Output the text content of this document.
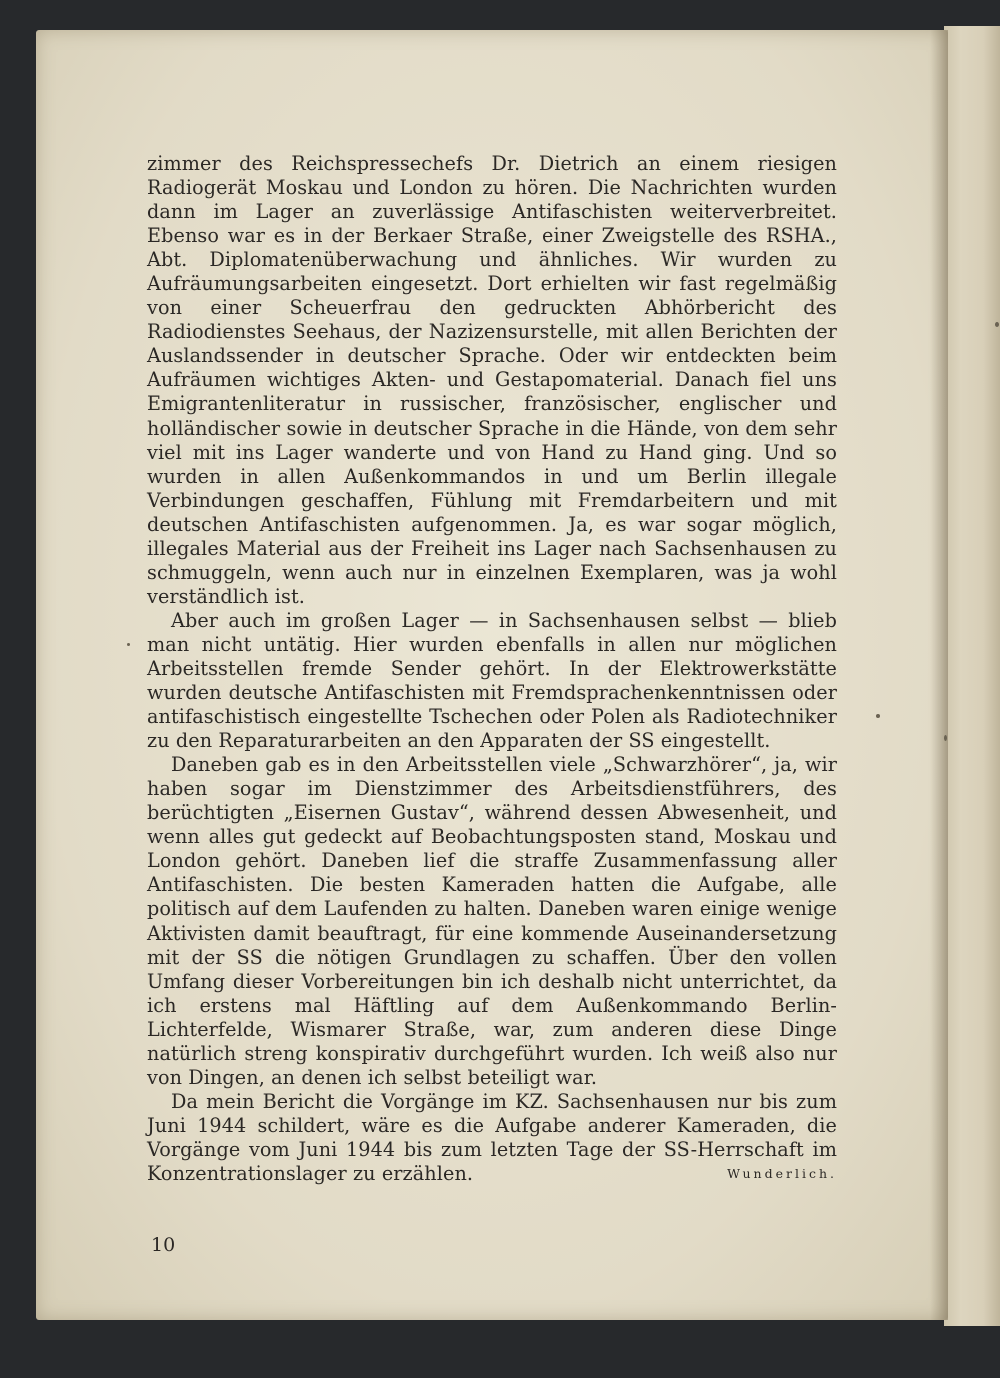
zimmer des Reichspressechefs Dr. Dietrich an einem riesigen Radiogerät Moskau und London zu hören. Die Nachrichten wurden dann im Lager an zuverlässige Antifaschisten weiterverbreitet. Ebenso war es in der Berkaer Straße, einer Zweigstelle des RSHA., Abt. Diplomatenüberwachung und ähnliches. Wir wurden zu Aufräumungsarbeiten eingesetzt. Dort erhielten wir fast regelmäßig von einer Scheuerfrau den gedruckten Abhörbericht des Radiodienstes Seehaus, der Nazizensurstelle, mit allen Berichten der Auslandssender in deutscher Sprache. Oder wir entdeckten beim Aufräumen wichtiges Akten- und Gestapomaterial. Danach fiel uns Emigrantenliteratur in russischer, französischer, englischer und holländischer sowie in deutscher Sprache in die Hände, von dem sehr viel mit ins Lager wanderte und von Hand zu Hand ging. Und so wurden in allen Außenkommandos in und um Berlin illegale Verbindungen geschaffen, Fühlung mit Fremdarbeitern und mit deutschen Antifaschisten aufgenommen. Ja, es war sogar möglich, illegales Material aus der Freiheit ins Lager nach Sachsenhausen zu schmuggeln, wenn auch nur in einzelnen Exemplaren, was ja wohl verständlich ist.

Aber auch im großen Lager — in Sachsenhausen selbst — blieb man nicht untätig. Hier wurden ebenfalls in allen nur möglichen Arbeitsstellen fremde Sender gehört. In der Elektrowerkstätte wurden deutsche Antifaschisten mit Fremdsprachenkenntnissen oder antifaschistisch eingestellte Tschechen oder Polen als Radiotechniker zu den Reparaturarbeiten an den Apparaten der SS eingestellt.

Daneben gab es in den Arbeitsstellen viele „Schwarzhörer“, ja, wir haben sogar im Dienstzimmer des Arbeitsdienstführers, des berüchtigten „Eisernen Gustav“, während dessen Abwesenheit, und wenn alles gut gedeckt auf Beobachtungsposten stand, Moskau und London gehört. Daneben lief die straffe Zusammenfassung aller Antifaschisten. Die besten Kameraden hatten die Aufgabe, alle politisch auf dem Laufenden zu halten. Daneben waren einige wenige Aktivisten damit beauftragt, für eine kommende Auseinandersetzung mit der SS die nötigen Grundlagen zu schaffen. Über den vollen Umfang dieser Vorbereitungen bin ich deshalb nicht unterrichtet, da ich erstens mal Häftling auf dem Außenkommando Berlin-Lichterfelde, Wismarer Straße, war, zum anderen diese Dinge natürlich streng konspirativ durchgeführt wurden. Ich weiß also nur von Dingen, an denen ich selbst beteiligt war.

Da mein Bericht die Vorgänge im KZ. Sachsenhausen nur bis zum Juni 1944 schildert, wäre es die Aufgabe anderer Kameraden, die Vorgänge vom Juni 1944 bis zum letzten Tage der SS-Herrschaft im Konzentrationslager zu erzählen.	Wunderlich.

10
